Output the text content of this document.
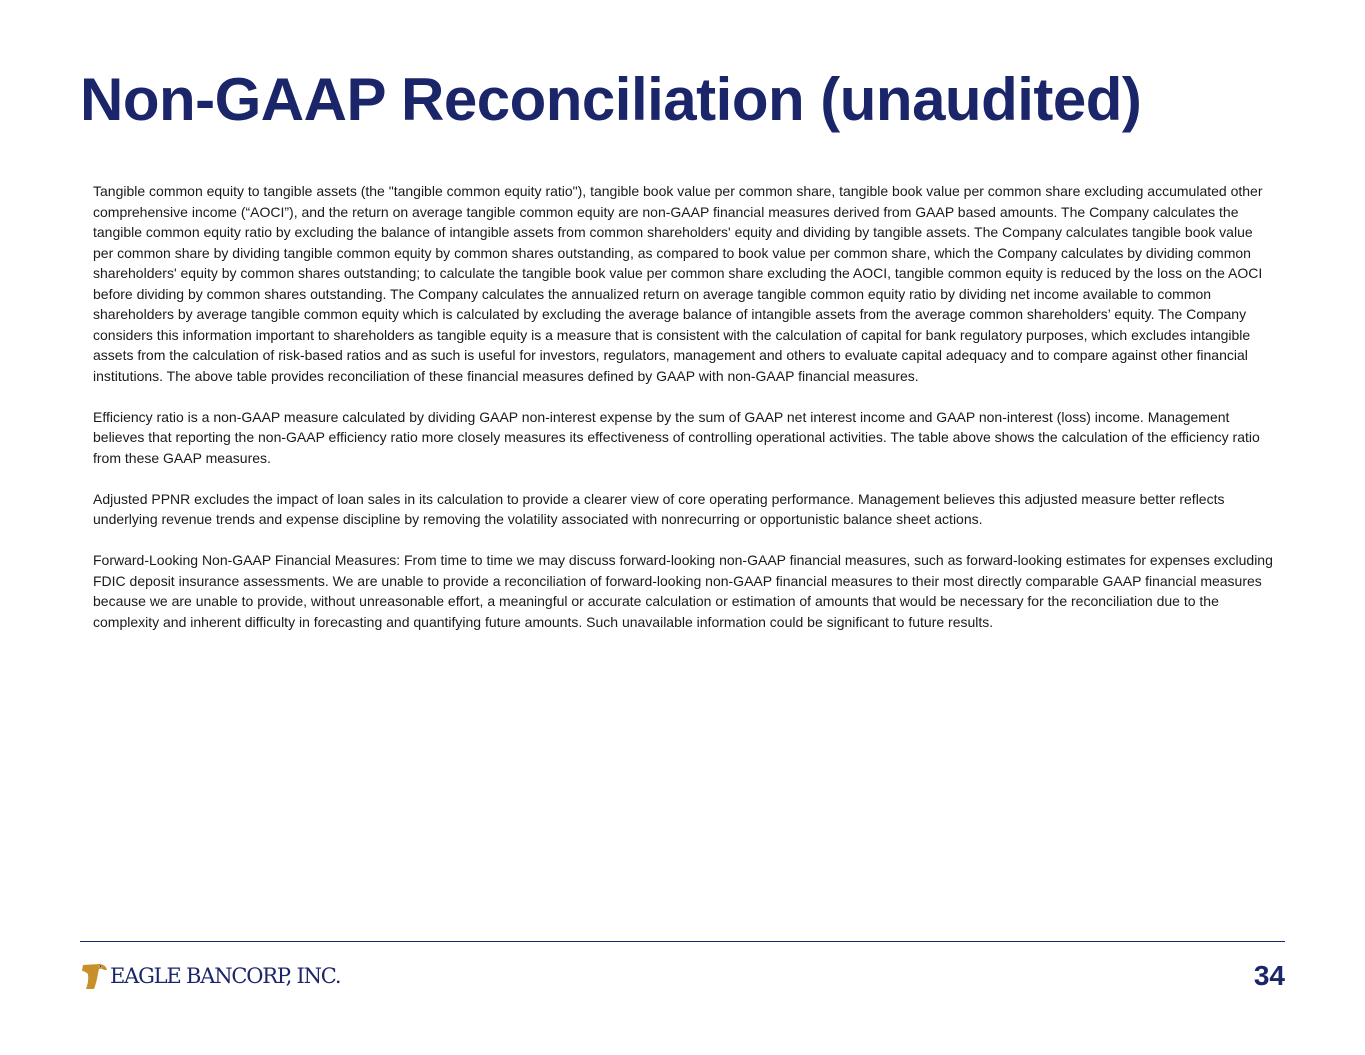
Non-GAAP Reconciliation (unaudited)

Tangible common equity to tangible assets (the "tangible common equity ratio"), tangible book value per common share, tangible book value per common share excluding accumulated other comprehensive income (“AOCI”), and the return on average tangible common equity are non-GAAP financial measures derived from GAAP based amounts. The Company calculates the tangible common equity ratio by excluding the balance of intangible assets from common shareholders' equity and dividing by tangible assets. The Company calculates tangible book value per common share by dividing tangible common equity by common shares outstanding, as compared to book value per common share, which the Company calculates by dividing common shareholders' equity by common shares outstanding; to calculate the tangible book value per common share excluding the AOCI, tangible common equity is reduced by the loss on the AOCI before dividing by common shares outstanding. The Company calculates the annualized return on average tangible common equity ratio by dividing net income available to common shareholders by average tangible common equity which is calculated by excluding the average balance of intangible assets from the average common shareholders’ equity. The Company considers this information important to shareholders as tangible equity is a measure that is consistent with the calculation of capital for bank regulatory purposes, which excludes intangible assets from the calculation of risk-based ratios and as such is useful for investors, regulators, management and others to evaluate capital adequacy and to compare against other financial institutions. The above table provides reconciliation of these financial measures defined by GAAP with non-GAAP financial measures.

Efficiency ratio is a non-GAAP measure calculated by dividing GAAP non-interest expense by the sum of GAAP net interest income and GAAP non-interest (loss) income. Management believes that reporting the non-GAAP efficiency ratio more closely measures its effectiveness of controlling operational activities. The table above shows the calculation of the efficiency ratio from these GAAP measures.

Adjusted PPNR excludes the impact of loan sales in its calculation to provide a clearer view of core operating performance. Management believes this adjusted measure better reflects underlying revenue trends and expense discipline by removing the volatility associated with nonrecurring or opportunistic balance sheet actions.

Forward-Looking Non-GAAP Financial Measures: From time to time we may discuss forward-looking non-GAAP financial measures, such as forward-looking estimates for expenses excluding FDIC deposit insurance assessments. We are unable to provide a reconciliation of forward-looking non-GAAP financial measures to their most directly comparable GAAP financial measures because we are unable to provide, without unreasonable effort, a meaningful or accurate calculation or estimation of amounts that would be necessary for the reconciliation due to the complexity and inherent difficulty in forecasting and quantifying future amounts. Such unavailable information could be significant to future results.

EAGLE BANCORP, INC.	34
